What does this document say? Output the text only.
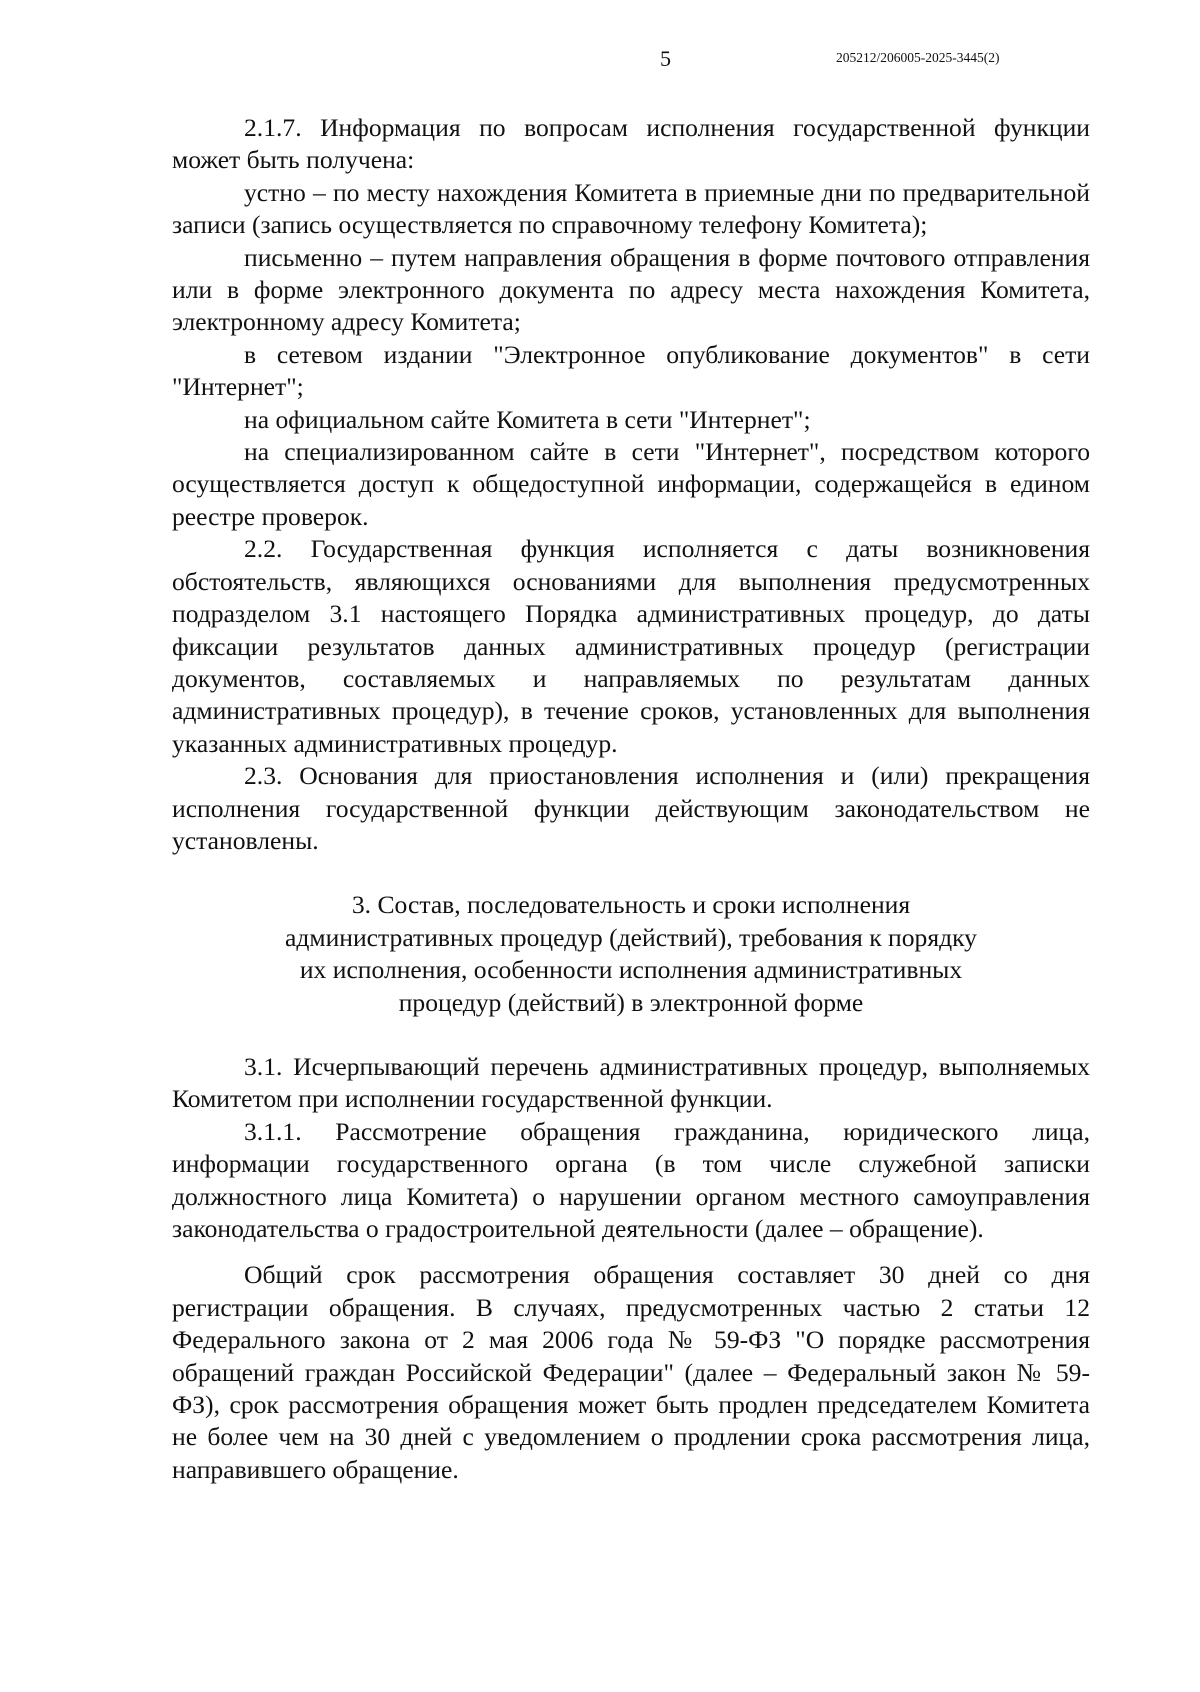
5	205212/206005-2025-3445(2)

2.1.7. Информация по вопросам исполнения государственной функции может быть получена:

устно – по месту нахождения Комитета в приемные дни по предварительной записи (запись осуществляется по справочному телефону Комитета);

письменно – путем направления обращения в форме почтового отправления или в форме электронного документа по адресу места нахождения Комитета, электронному адресу Комитета;

в сетевом издании "Электронное опубликование документов" в сети "Интернет";

на официальном сайте Комитета в сети "Интернет";

на специализированном сайте в сети "Интернет", посредством которого осуществляется доступ к общедоступной информации, содержащейся в едином реестре проверок.

2.2. Государственная функция исполняется с даты возникновения обстоятельств, являющихся основаниями для выполнения предусмотренных подразделом 3.1 настоящего Порядка административных процедур, до даты фиксации результатов данных административных процедур (регистрации документов, составляемых и направляемых по результатам данных административных процедур), в течение сроков, установленных для выполнения указанных административных процедур.

2.3. Основания для приостановления исполнения и (или) прекращения исполнения государственной функции действующим законодательством не установлены.

3. Состав, последовательность и сроки исполнения
административных процедур (действий), требования к порядку
их исполнения, особенности исполнения административных
процедур (действий) в электронной форме

3.1. Исчерпывающий перечень административных процедур, выполняемых Комитетом при исполнении государственной функции.

3.1.1. Рассмотрение обращения гражданина, юридического лица, информации государственного органа (в том числе служебной записки должностного лица Комитета) о нарушении органом местного самоуправления законодательства о градостроительной деятельности (далее – обращение).

Общий срок рассмотрения обращения составляет 30 дней со дня регистрации обращения. В случаях, предусмотренных частью 2 статьи 12 Федерального закона от 2 мая 2006 года № 59-ФЗ "О порядке рассмотрения обращений граждан Российской Федерации" (далее – Федеральный закон № 59-ФЗ), срок рассмотрения обращения может быть продлен председателем Комитета не более чем на 30 дней с уведомлением о продлении срока рассмотрения лица, направившего обращение.
